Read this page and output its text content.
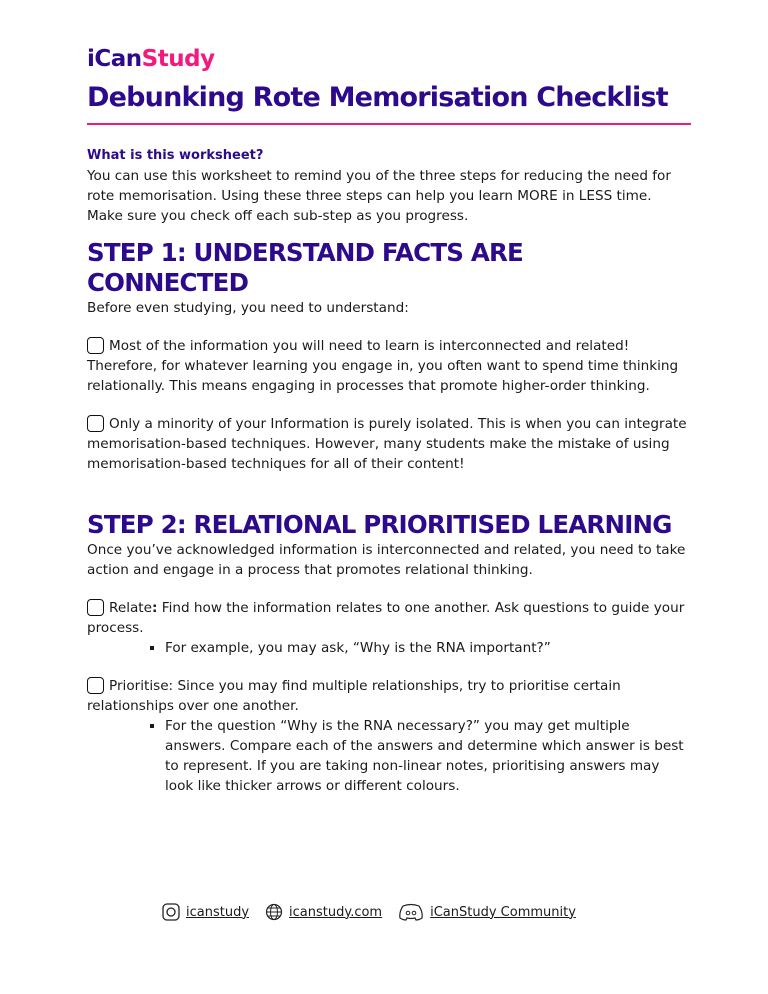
iCanStudy
Debunking Rote Memorisation Checklist

What is this worksheet?

You can use this worksheet to remind you of the three steps for reducing the need for rote memorisation. Using these three steps can help you learn MORE in LESS time. Make sure you check off each sub-step as you progress.

STEP 1: UNDERSTAND FACTS ARE CONNECTED

Before even studying, you need to understand:

Most of the information you will need to learn is interconnected and related! Therefore, for whatever learning you engage in, you often want to spend time thinking relationally. This means engaging in processes that promote higher-order thinking.

Only a minority of your Information is purely isolated. This is when you can integrate memorisation-based techniques. However, many students make the mistake of using memorisation-based techniques for all of their content!

STEP 2: RELATIONAL PRIORITISED LEARNING

Once you’ve acknowledged information is interconnected and related, you need to take action and engage in a process that promotes relational thinking.

Relate: Find how the information relates to one another. Ask questions to guide your process.

▪ For example, you may ask, “Why is the RNA important?”

Prioritise: Since you may find multiple relationships, try to prioritise certain relationships over one another.

▪ For the question “Why is the RNA necessary?” you may get multiple answers. Compare each of the answers and determine which answer is best to represent. If you are taking non-linear notes, prioritising answers may look like thicker arrows or different colours.
icanstudy	icanstudy.com	iCanStudy Community
